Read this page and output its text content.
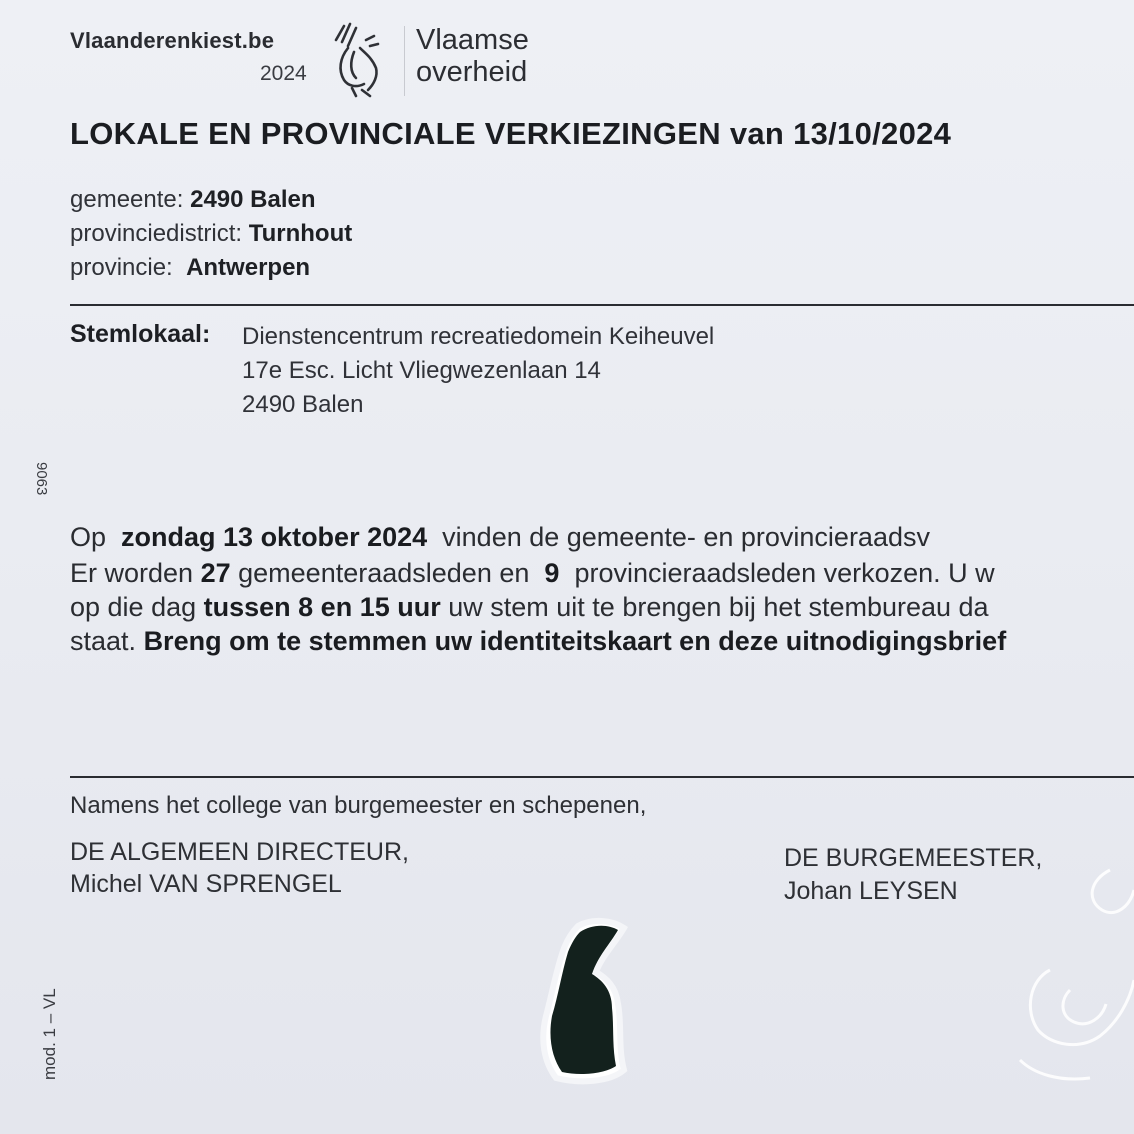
Vlaanderenkiest.be
2024
Vlaamse
overheid
LOKALE EN PROVINCIALE VERKIEZINGEN van 13/10/2024
gemeente: 2490 Balen
provinciedistrict: Turnhout
provincie: Antwerpen
Stemlokaal: Dienstencentrum recreatiedomein Keiheuvel
17e Esc. Licht Vliegwezenlaan 14
2490 Balen
9063
Op zondag 13 oktober 2024 vinden de gemeente- en provincieraadsv
Er worden 27 gemeenteraadsleden en 9 provincieraadsleden verkozen. U w
op die dag tussen 8 en 15 uur uw stem uit te brengen bij het stembureau da
staat. Breng om te stemmen uw identiteitskaart en deze uitnodigingsbrief
Namens het college van burgemeester en schepenen,
DE ALGEMEEN DIRECTEUR,
Michel VAN SPRENGEL
DE BURGEMEESTER,
Johan LEYSEN
mod. 1 – VL
